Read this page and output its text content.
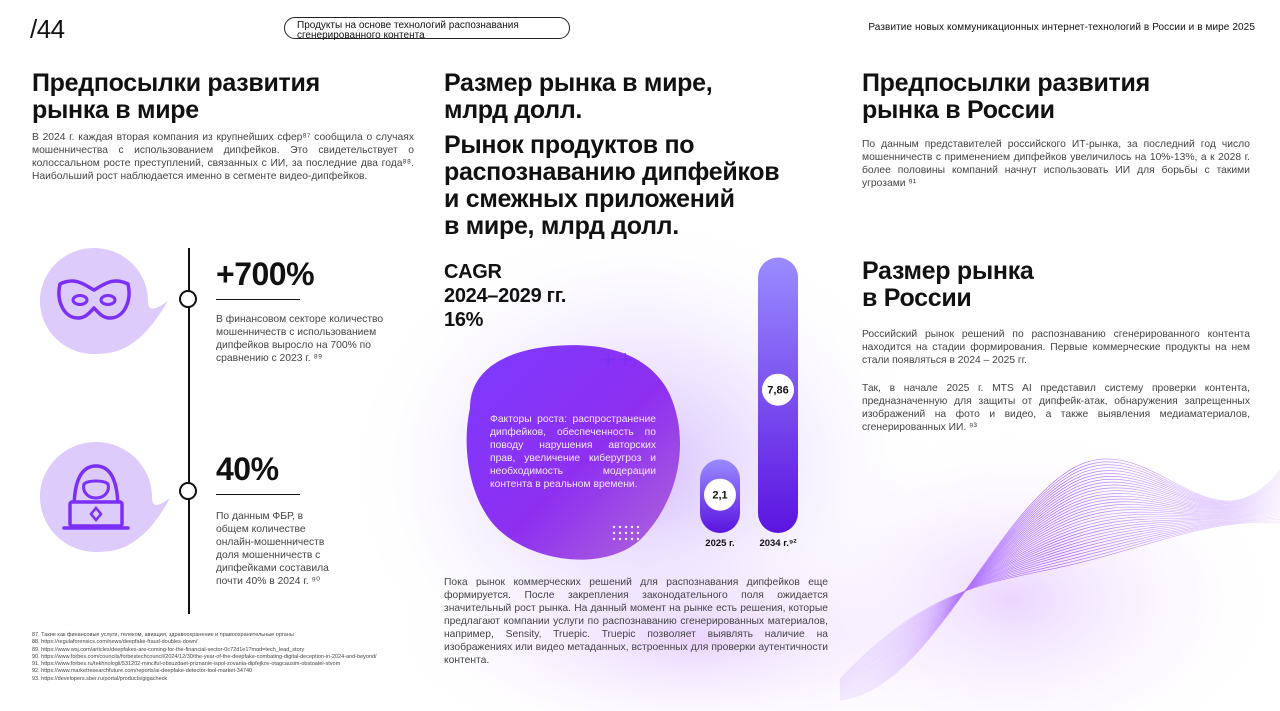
++
/44	Продукты на основе технологий распознавания
сгенерированного контента
Развитие новых коммуникационных интернет-технологий в России и в мире 2025
Предпосылки развития
рынка в мире
В 2024 г. каждая вторая компания из крупнейших сфер⁸⁷ сообщила о случаях мошенничества с использованием дипфейков. Это свидетельствует о колоссальном росте преступлений, связанных с ИИ, за последние два года⁸⁸. Наибольший рост наблюдается именно в сегменте видео-дипфейков.
+700%
В финансовом секторе количество мошенничеств с использованием дипфейков выросло на 700% по сравнению с 2023 г. ⁸⁹
40%
По данным ФБР, в общем количестве онлайн-мошенничеств доля мошенничеств с дипфейками составила почти 40% в 2024 г. ⁹⁰
87. Такие как финансовые услуги, телеком, авиация, здравоохранение и правоохранительные органы
88. https://regulaforensics.com/news/deepfake-fraud-doubles-down/
89. https://www.wsj.com/articles/deepfakes-are-coming-for-the-financial-sector-0c72d1e1?mod=tech_lead_story
90. https://www.forbes.com/councils/forbestechcouncil/2024/12/30/the-year-of-the-deepfake-combating-digital-deception-in-2024-and-beyond/
91. https://www.forbes.ru/tekhnologii/531202-minciful-obsuzdaet-priznanie-ispol-zovania-dipfejkov-otagcausim-obstoatel-stvom
92. https://www.marketresearchfuture.com/reports/ai-deepfake-detector-tool-market-34740
93. https://developers.sber.ru/portal/products/gigacheck
Размер рынка в мире,
млрд долл.
Рынок продуктов по
распознаванию дипфейков
и смежных приложений
в мире, млрд долл.
CAGR
2024–2029 гг.
16%
Факторы роста: распространение дипфейков, обеспеченность по поводу нарушения авторских прав, увеличение киберугроз и необходимость модерации контента в реальном времени.
2,1
2025 г.
7,86
2034 г.⁹²
Пока рынок коммерческих решений для распознавания дипфейков еще формируется. После закрепления законодательного поля ожидается значительный рост рынка. На данный момент на рынке есть решения, которые предлагают компании услуги по распознаванию сгенерированных материалов, например, Sensity, Truepic. Truepic позволяет выявлять наличие на изображениях или видео метаданных, встроенных для проверки аутентичности контента.
Предпосылки развития
рынка в России
По данным представителей российского ИТ-рынка, за последний год число мошенничеств с применением дипфейков увеличилось на 10%-13%, а к 2028 г. более половины компаний начнут использовать ИИ для борьбы с такими угрозами ⁹¹
Размер рынка
в России
Российский рынок решений по распознаванию сгенерированного контента находится на стадии формирования. Первые коммерческие продукты на нем стали появляться в 2024 – 2025 гг.
Так, в начале 2025 г. MTS AI представил систему проверки контента, предназначенную для защиты от дипфейк-атак, обнаружения запрещенных изображений на фото и видео, а также выявления медиаматериалов, сгенерированных ИИ. ⁹³
